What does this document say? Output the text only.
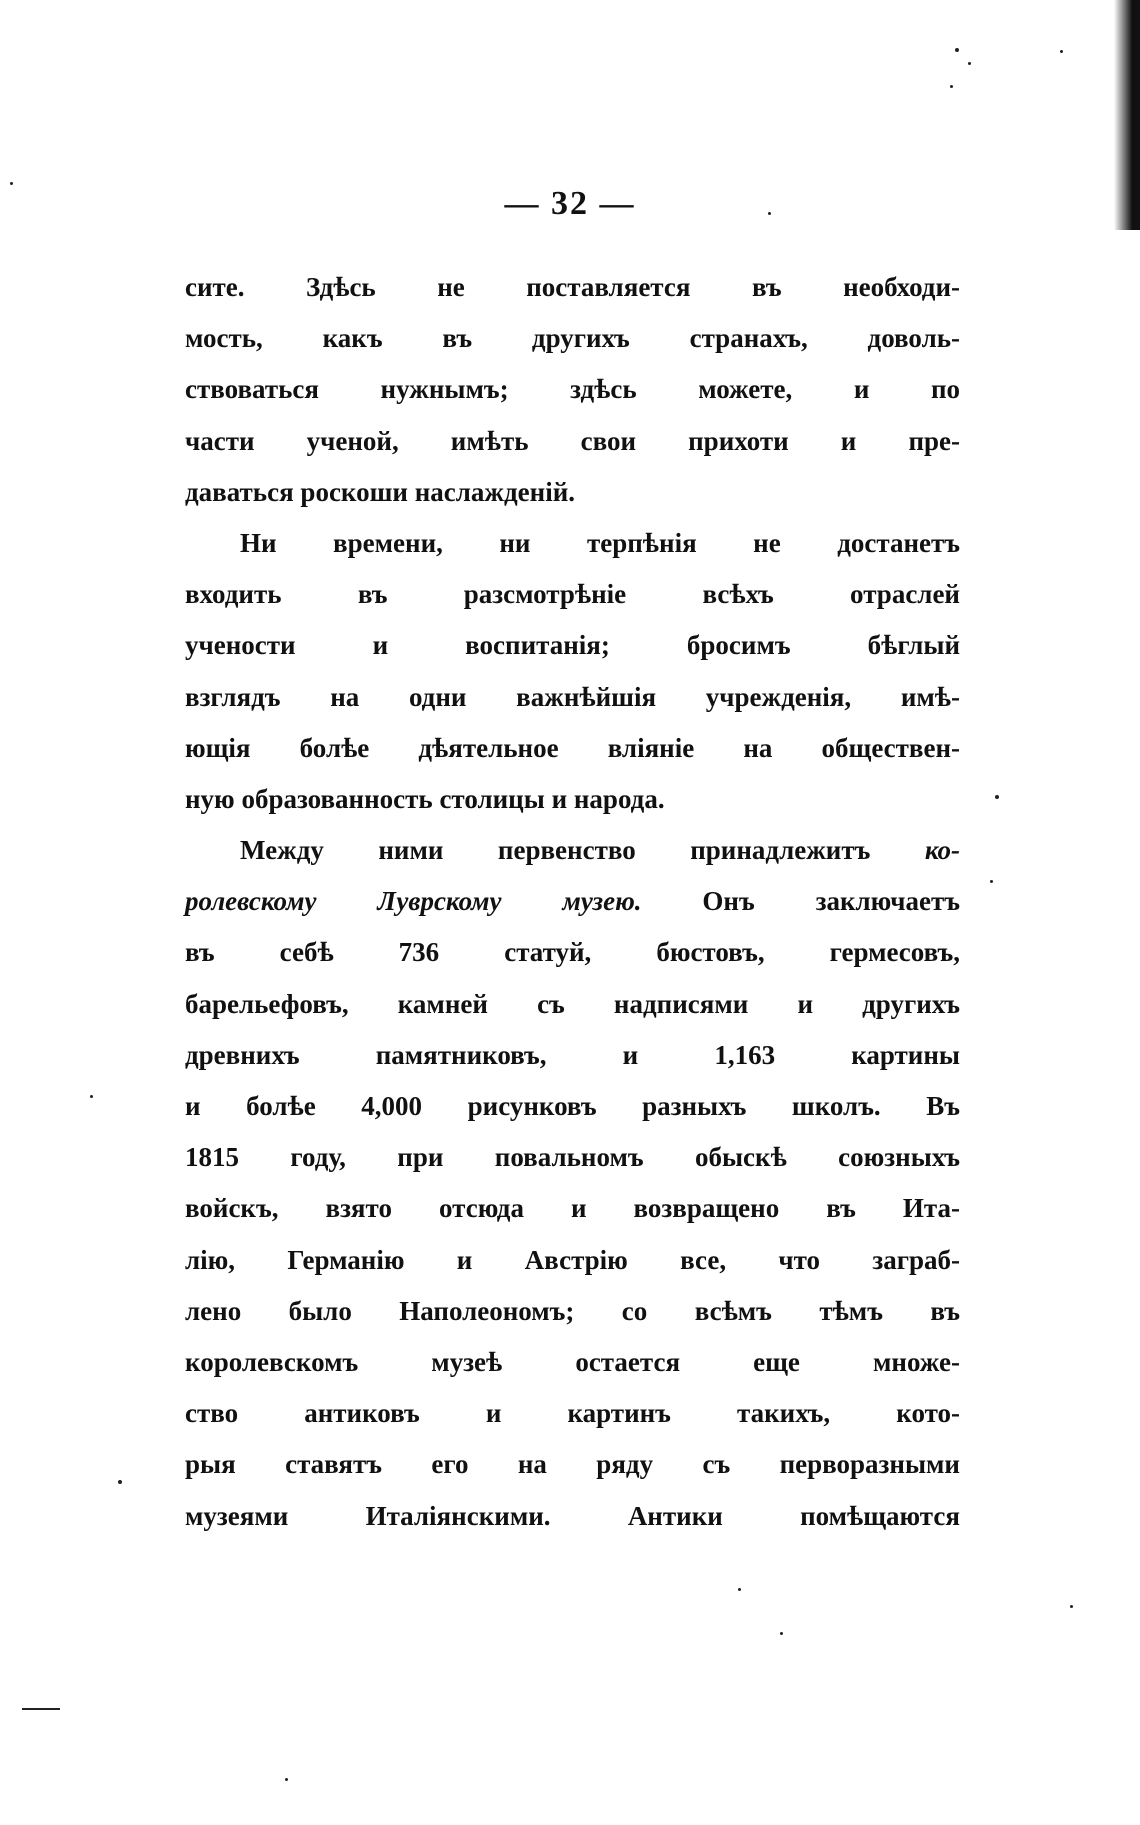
— 32 —
сите. Здѣсь не поставляется въ необходи-
мость, какъ въ другихъ странахъ, доволь-
ствоваться нужнымъ; здѣсь можете, и по
части ученой, имѣть свои прихоти и пре-
даваться роскоши наслажденій.
Ни времени, ни терпѣнія не достанетъ
входить въ разсмотрѣніе всѣхъ отраслей
учености и воспитанія; бросимъ бѣглый
взглядъ на одни важнѣйшія учрежденія, имѣ-
ющія болѣе дѣятельное вліяніе на обществен-
ную образованность столицы и народа.
Между ними первенство принадлежитъ ко-
ролевскому Луврскому музею. Онъ заключаетъ
въ себѣ 736 статуй, бюстовъ, гермесовъ,
барельефовъ, камней съ надписями и другихъ
древнихъ памятниковъ, и 1,163 картины
и болѣе 4,000 рисунковъ разныхъ школъ. Въ
1815 году, при повальномъ обыскѣ союзныхъ
войскъ, взято отсюда и возвращено въ Ита-
лію, Германію и Австрію все, что заграб-
лено было Наполеономъ; со всѣмъ тѣмъ въ
королевскомъ музеѣ остается еще множе-
ство антиковъ и картинъ такихъ, кото-
рыя ставятъ его на ряду съ перворазными
музеями Италіянскими. Антики помѣщаются
